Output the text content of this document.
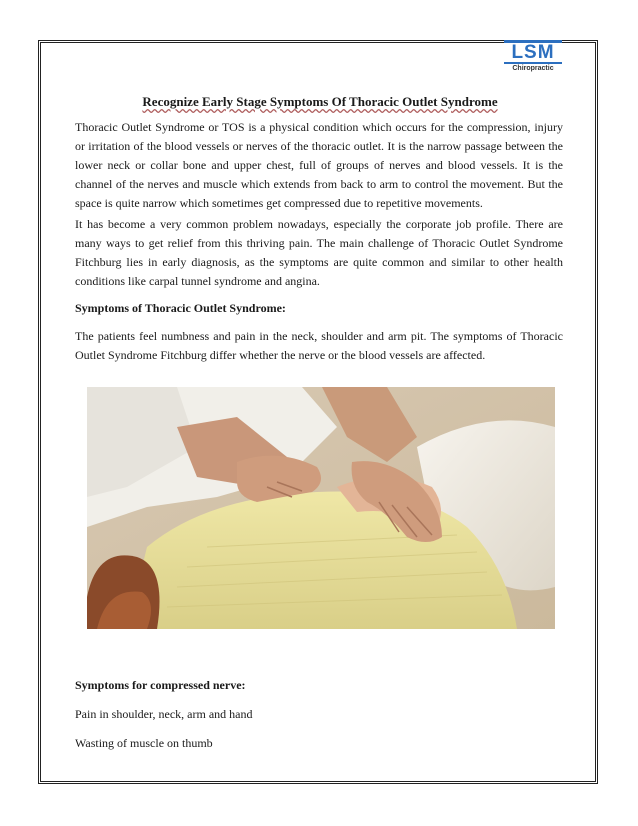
LSM
Chiropractic
Recognize Early Stage Symptoms Of Thoracic Outlet Syndrome

Thoracic Outlet Syndrome or TOS is a physical condition which occurs for the compression, injury or irritation of the blood vessels or nerves of the thoracic outlet. It is the narrow passage between the lower neck or collar bone and upper chest, full of groups of nerves and blood vessels. It is the channel of the nerves and muscle which extends from back to arm to control the movement. But the space is quite narrow which sometimes get compressed due to repetitive movements.

It has become a very common problem nowadays, especially the corporate job profile. There are many ways to get relief from this thriving pain. The main challenge of Thoracic Outlet Syndrome Fitchburg lies in early diagnosis, as the symptoms are quite common and similar to other health conditions like carpal tunnel syndrome and angina.

Symptoms of Thoracic Outlet Syndrome:

The patients feel numbness and pain in the neck, shoulder and arm pit. The symptoms of Thoracic Outlet Syndrome Fitchburg differ whether the nerve or the blood vessels are affected.

Symptoms for compressed nerve:

Pain in shoulder, neck, arm and hand

Wasting of muscle on thumb
